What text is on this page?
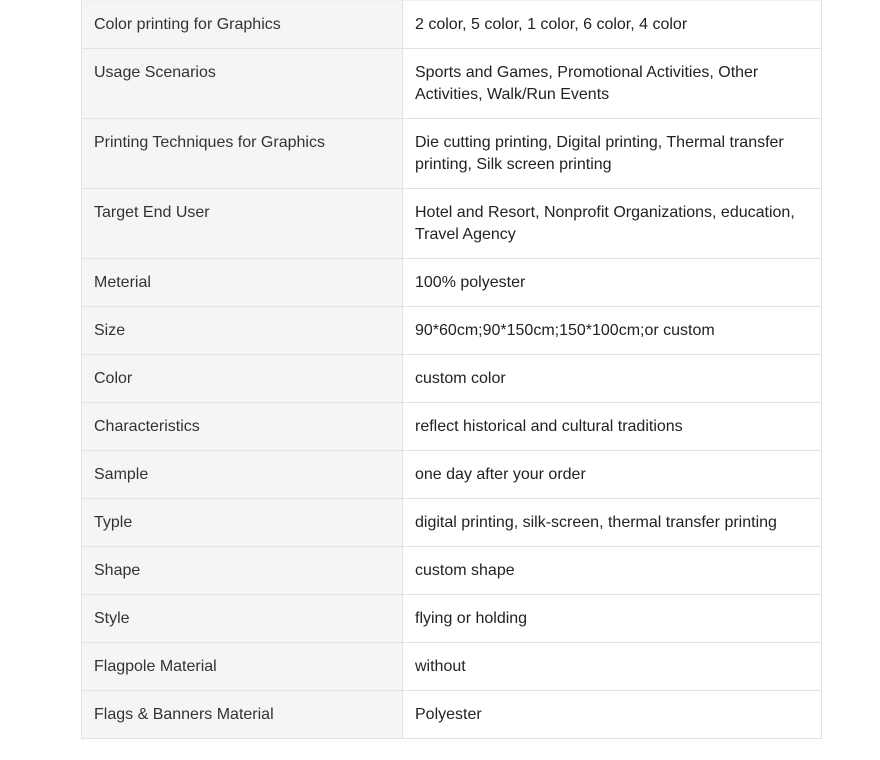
Color printing for Graphics	2 color, 5 color, 1 color, 6 color, 4 color
Usage Scenarios	Sports and Games, Promotional Activities, Other Activities, Walk/Run Events
Printing Techniques for Graphics	Die cutting printing, Digital printing, Thermal transfer printing, Silk screen printing
Target End User	Hotel and Resort, Nonprofit Organizations, education, Travel Agency
Meterial	100% polyester
Size	90*60cm;90*150cm;150*100cm;or custom
Color	custom color
Characteristics	reflect historical and cultural traditions
Sample	one day after your order
Typle	digital printing, silk-screen, thermal transfer printing
Shape	custom shape
Style	flying or holding
Flagpole Material	without
Flags & Banners Material	Polyester
